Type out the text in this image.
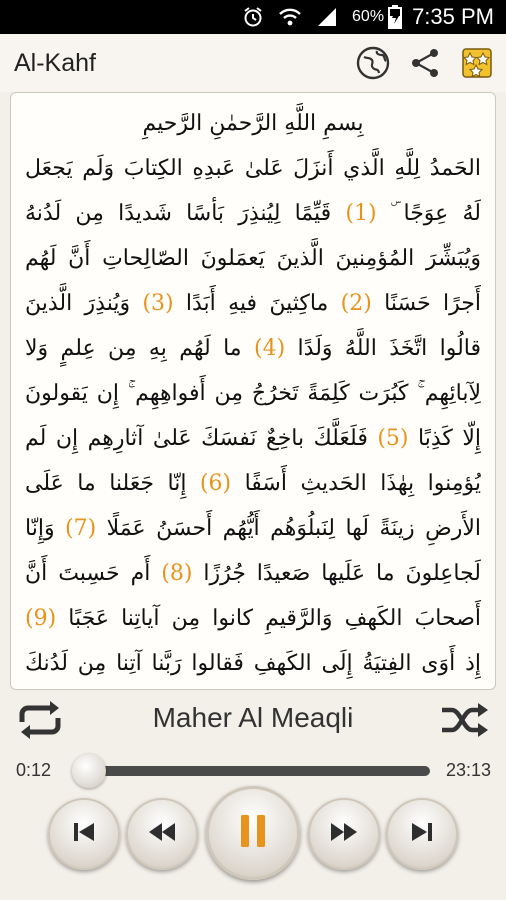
60% 7:35 PM
Al-Kahf
بِسمِ اللَّهِ الرَّحمٰنِ الرَّحيمِ
الحَمدُ لِلَّهِ الَّذي أَنزَلَ عَلىٰ عَبدِهِ الكِتابَ وَلَم يَجعَل
لَهُ عِوَجًا ۜ (1) قَيِّمًا لِيُنذِرَ بَأسًا شَديدًا مِن لَدُنهُ
وَيُبَشِّرَ المُؤمِنينَ الَّذينَ يَعمَلونَ الصّالِحاتِ أَنَّ لَهُم
أَجرًا حَسَنًا (2) ماكِثينَ فيهِ أَبَدًا (3) وَيُنذِرَ الَّذينَ
قالُوا اتَّخَذَ اللَّهُ وَلَدًا (4) ما لَهُم بِهِ مِن عِلمٍ وَلا
لِآبائِهِم ۚ كَبُرَت كَلِمَةً تَخرُجُ مِن أَفواهِهِم ۚ إِن يَقولونَ
إِلّا كَذِبًا (5) فَلَعَلَّكَ باخِعٌ نَفسَكَ عَلىٰ آثارِهِم إِن لَم
يُؤمِنوا بِهٰذَا الحَديثِ أَسَفًا (6) إِنّا جَعَلنا ما عَلَى
الأَرضِ زينَةً لَها لِنَبلُوَهُم أَيُّهُم أَحسَنُ عَمَلًا (7) وَإِنّا
لَجاعِلونَ ما عَلَيها صَعيدًا جُرُزًا (8) أَم حَسِبتَ أَنَّ
أَصحابَ الكَهفِ وَالرَّقيمِ كانوا مِن آياتِنا عَجَبًا (9)
إِذ أَوَى الفِتيَةُ إِلَى الكَهفِ فَقالوا رَبَّنا آتِنا مِن لَدُنكَ
Maher Al Meaqli
0:12	23:13
